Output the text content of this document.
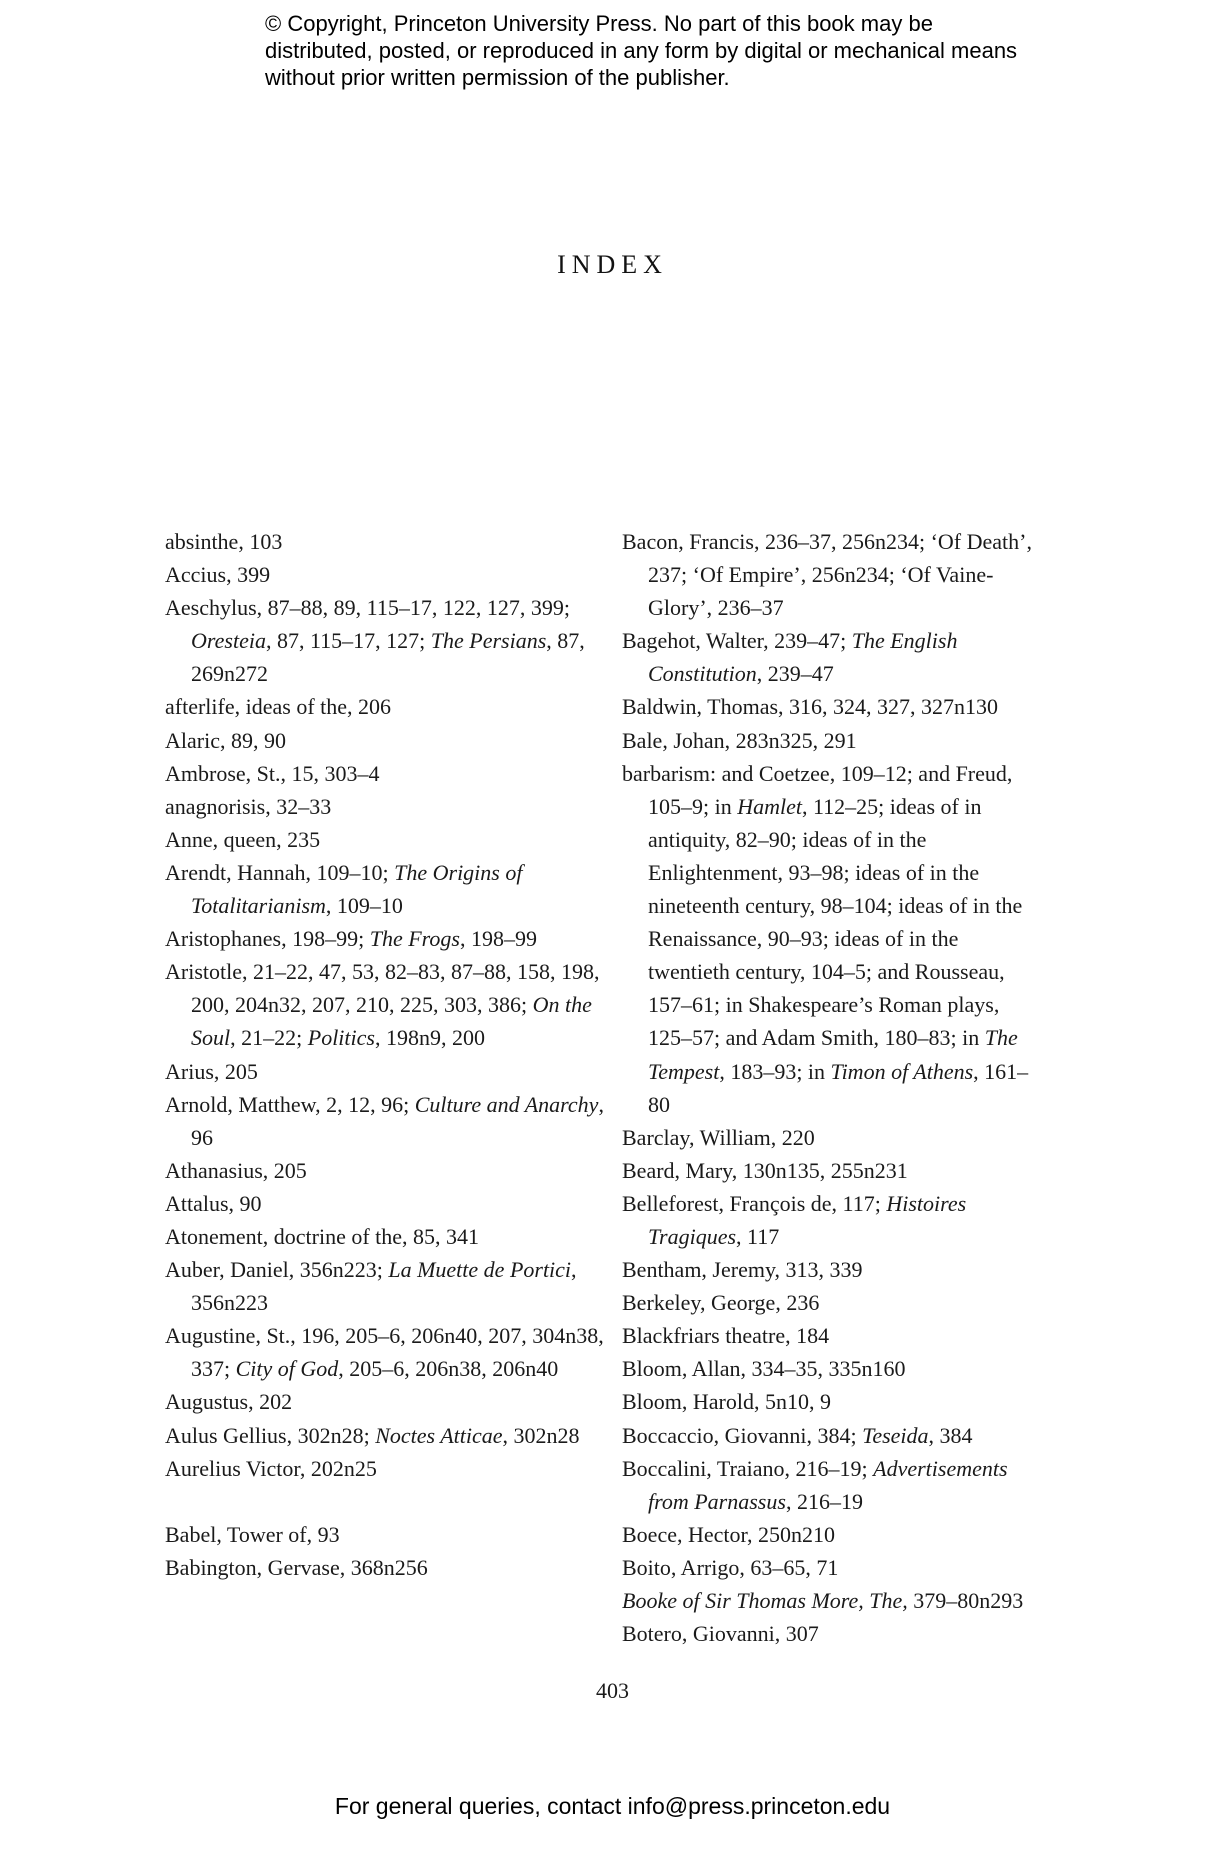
© Copyright, Princeton University Press. No part of this book may be distributed, posted, or reproduced in any form by digital or mechanical means without prior written permission of the publisher.
INDEX
absinthe, 103
Accius, 399
Aeschylus, 87–88, 89, 115–17, 122, 127, 399; Oresteia, 87, 115–17, 127; The Persians, 87, 269n272
afterlife, ideas of the, 206
Alaric, 89, 90
Ambrose, St., 15, 303–4
anagnorisis, 32–33
Anne, queen, 235
Arendt, Hannah, 109–10; The Origins of Totalitarianism, 109–10
Aristophanes, 198–99; The Frogs, 198–99
Aristotle, 21–22, 47, 53, 82–83, 87–88, 158, 198, 200, 204n32, 207, 210, 225, 303, 386; On the Soul, 21–22; Politics, 198n9, 200
Arius, 205
Arnold, Matthew, 2, 12, 96; Culture and Anarchy, 96
Athanasius, 205
Attalus, 90
Atonement, doctrine of the, 85, 341
Auber, Daniel, 356n223; La Muette de Portici, 356n223
Augustine, St., 196, 205–6, 206n40, 207, 304n38, 337; City of God, 205–6, 206n38, 206n40
Augustus, 202
Aulus Gellius, 302n28; Noctes Atticae, 302n28
Aurelius Victor, 202n25
Babel, Tower of, 93
Babington, Gervase, 368n256
Bacon, Francis, 236–37, 256n234; ‘Of Death’, 237; ‘Of Empire’, 256n234; ‘Of Vaine-Glory’, 236–37
Bagehot, Walter, 239–47; The English Constitution, 239–47
Baldwin, Thomas, 316, 324, 327, 327n130
Bale, Johan, 283n325, 291
barbarism: and Coetzee, 109–12; and Freud, 105–9; in Hamlet, 112–25; ideas of in antiquity, 82–90; ideas of in the Enlightenment, 93–98; ideas of in the nineteenth century, 98–104; ideas of in the Renaissance, 90–93; ideas of in the twentieth century, 104–5; and Rousseau, 157–61; in Shakespeare’s Roman plays, 125–57; and Adam Smith, 180–83; in The Tempest, 183–93; in Timon of Athens, 161–80
Barclay, William, 220
Beard, Mary, 130n135, 255n231
Belleforest, François de, 117; Histoires Tragiques, 117
Bentham, Jeremy, 313, 339
Berkeley, George, 236
Blackfriars theatre, 184
Bloom, Allan, 334–35, 335n160
Bloom, Harold, 5n10, 9
Boccaccio, Giovanni, 384; Teseida, 384
Boccalini, Traiano, 216–19; Advertisements from Parnassus, 216–19
Boece, Hector, 250n210
Boito, Arrigo, 63–65, 71
Booke of Sir Thomas More, The, 379–80n293
Botero, Giovanni, 307
403
For general queries, contact info@press.princeton.edu
